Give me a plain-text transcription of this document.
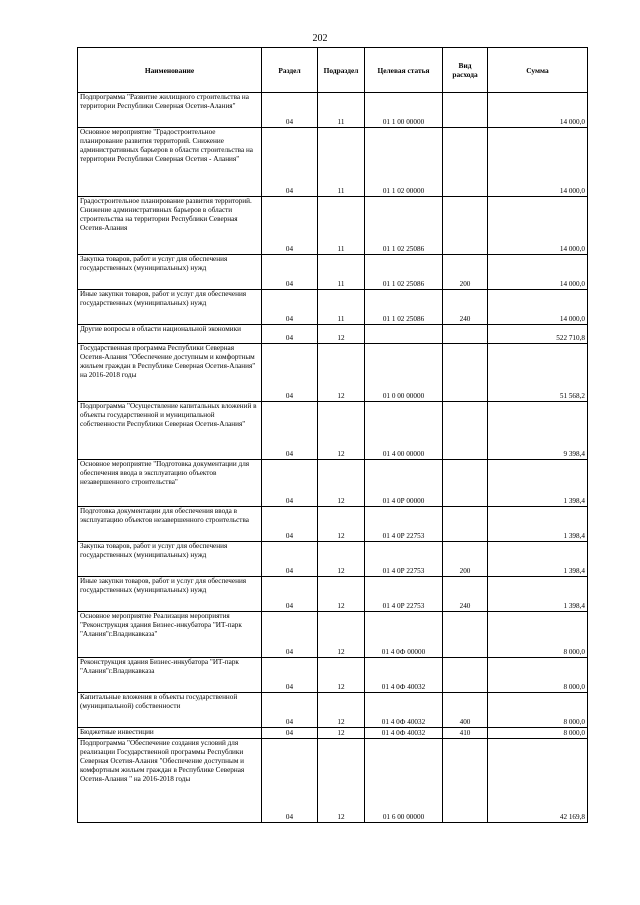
202
Наименование	Раздел	Подраздел	Целевая статья	Вид расхода	Сумма
Подпрограмма "Развитие жилищного строительства на территории Республики Северная Осетия-Алания"	04	11	01 1 00 00000		14 000,0
Основное мероприятие "Градостроительное планирование развития территорий. Снижение административных барьеров в области строительства на территории Республики Северная Осетия - Алания"	04	11	01 1 02 00000		14 000,0
Градостроительное планирование развития территорий. Снижение административных барьеров в области строительства на территории Республики Северная Осетия-Алания	04	11	01 1 02 25086		14 000,0
Закупка товаров, работ и услуг для обеспечения государственных (муниципальных) нужд	04	11	01 1 02 25086	200	14 000,0
Иные закупки товаров, работ и услуг для обеспечения государственных (муниципальных) нужд	04	11	01 1 02 25086	240	14 000,0
Другие вопросы в области национальной экономики	04	12			522 710,8
Государственная программа Республики Северная Осетия-Алания "Обеспечение доступным и комфортным жильем граждан в Республике Северная Осетия-Алания" на 2016-2018 годы	04	12	01 0 00 00000		51 568,2
Подпрограмма "Осуществление капитальных вложений в объекты государственной и муниципальной собственности Республики Северная Осетия-Алания"	04	12	01 4 00 00000		9 398,4
Основное мероприятие "Подготовка документации для обеспечения ввода в эксплуатацию объектов незавершенного строительства"	04	12	01 4 0Р 00000		1 398,4
Подготовка документации для обеспечения ввода в эксплуатацию объектов незавершенного строительства	04	12	01 4 0Р 22753		1 398,4
Закупка товаров, работ и услуг для обеспечения государственных (муниципальных) нужд	04	12	01 4 0Р 22753	200	1 398,4
Иные закупки товаров, работ и услуг для обеспечения государственных (муниципальных) нужд	04	12	01 4 0Р 22753	240	1 398,4
Основное мероприятие Реализация мероприятия "Реконструкция здания Бизнес-инкубатора "ИТ-парк "Алания"г.Владикавказа"	04	12	01 4 0Ф 00000		8 000,0
Реконструкция здания Бизнес-инкубатора "ИТ-парк "Алания"г.Владикавказа	04	12	01 4 0Ф 40032		8 000,0
Капитальные вложения в объекты государственной (муниципальной) собственности	04	12	01 4 0Ф 40032	400	8 000,0
Бюджетные инвестиции	04	12	01 4 0Ф 40032	410	8 000,0
Подпрограмма "Обеспечение создания условий для реализации Государственной программы Республики Северная Осетия-Алания "Обеспечение доступным и комфортным жильем граждан в Республике Северная Осетия-Алания " на 2016-2018 годы	04	12	01 6 00 00000		42 169,8
